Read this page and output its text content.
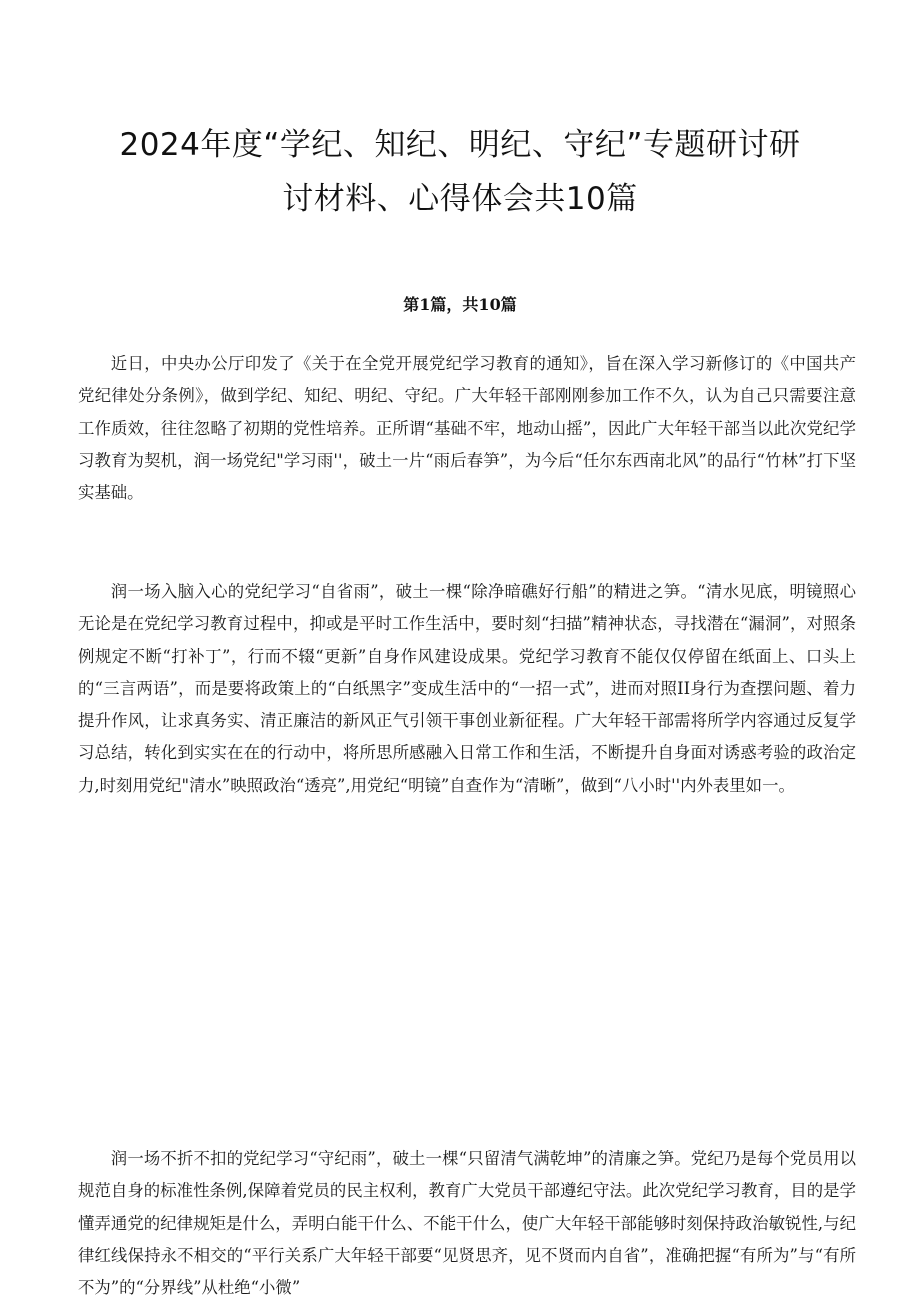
2024年度“学纪、知纪、明纪、守纪”专题研讨研
讨材料、心得体会共10篇
第1篇，共10篇

近日，中央办公厅印发了《关于在全党开展党纪学习教育的通知》，旨在深入学习新修订的《中国共产党纪律处分条例》，做到学纪、知纪、明纪、守纪。广大年轻干部刚刚参加工作不久，认为自己只需要注意工作质效，往往忽略了初期的党性培养。正所谓“基础不牢，地动山摇”，因此广大年轻干部当以此次党纪学习教育为契机，润一场党纪"学习雨''，破土一片“雨后春笋”，为今后“任尔东西南北风”的品行“竹林”打下坚实基础。

润一场入脑入心的党纪学习“自省雨”，破土一棵“除净暗礁好行船”的精进之笋。“清水见底，明镜照心无论是在党纪学习教育过程中，抑或是平时工作生活中，要时刻“扫描”精神状态，寻找潜在“漏洞”，对照条例规定不断“打补丁”，行而不辍“更新”自身作风建设成果。党纪学习教育不能仅仅停留在纸面上、口头上的“三言两语”，而是要将政策上的“白纸黑字”变成生活中的“一招一式”，进而对照II身行为查摆问题、着力提升作风，让求真务实、清正廉洁的新风正气引领干事创业新征程。广大年轻干部需将所学内容通过反复学习总结，转化到实实在在的行动中，将所思所感融入日常工作和生活，不断提升自身面对诱惑考验的政治定力,时刻用党纪"清水”映照政治“透亮”,用党纪“明镜”自查作为“清晰”，做到“八小时''内外表里如一。

润一场不折不扣的党纪学习“守纪雨”，破土一棵“只留清气满乾坤”的清廉之笋。党纪乃是每个党员用以规范自身的标准性条例,保障着党员的民主权利，教育广大党员干部遵纪守法。此次党纪学习教育，目的是学懂弄通党的纪律规矩是什么，弄明白能干什么、不能干什么，使广大年轻干部能够时刻保持政治敏锐性,与纪律红线保持永不相交的“平行关系广大年轻干部要“见贤思齐，见不贤而内自省”，准确把握“有所为”与“有所不为”的“分界线”从杜绝“小微”
